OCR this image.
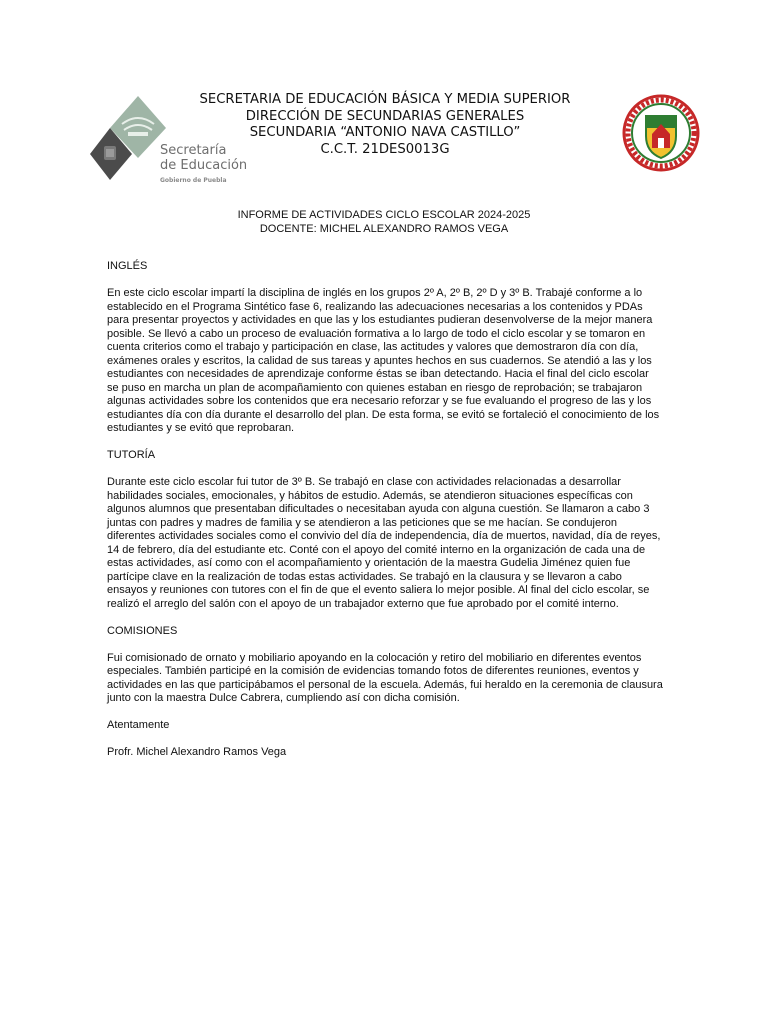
Secretaría
de Educación
Gobierno de Puebla
SECRETARIA DE EDUCACIÓN BÁSICA Y MEDIA SUPERIOR
DIRECCIÓN DE SECUNDARIAS GENERALES
SECUNDARIA “ANTONIO NAVA CASTILLO”
C.C.T. 21DES0013G
INFORME DE ACTIVIDADES CICLO ESCOLAR 2024-2025
DOCENTE: MICHEL ALEXANDRO RAMOS VEGA

INGLÉS

En este ciclo escolar impartí la disciplina de inglés en los grupos 2º A, 2º B, 2º D y 3º B. Trabajé conforme a lo establecido en el Programa Sintético fase 6, realizando las adecuaciones necesarias a los contenidos y PDAs para presentar proyectos y actividades en que las y los estudiantes pudieran desenvolverse de la mejor manera posible. Se llevó a cabo un proceso de evaluación formativa a lo largo de todo el ciclo escolar y se tomaron en cuenta criterios como el trabajo y participación en clase, las actitudes y valores que demostraron día con día, exámenes orales y escritos, la calidad de sus tareas y apuntes hechos en sus cuadernos. Se atendió a las y los estudiantes con necesidades de aprendizaje conforme éstas se iban detectando. Hacia el final del ciclo escolar se puso en marcha un plan de acompañamiento con quienes estaban en riesgo de reprobación; se trabajaron algunas actividades sobre los contenidos que era necesario reforzar y se fue evaluando el progreso de las y los estudiantes día con día durante el desarrollo del plan. De esta forma, se evitó se fortaleció el conocimiento de los estudiantes y se evitó que reprobaran.

TUTORÍA

Durante este ciclo escolar fui tutor de 3º B. Se trabajó en clase con actividades relacionadas a desarrollar habilidades sociales, emocionales, y hábitos de estudio. Además, se atendieron situaciones específicas con algunos alumnos que presentaban dificultades o necesitaban ayuda con alguna cuestión. Se llamaron a cabo 3 juntas con padres y madres de familia y se atendieron a las peticiones que se me hacían. Se condujeron diferentes actividades sociales como el convivio del día de independencia, día de muertos, navidad, día de reyes, 14 de febrero, día del estudiante etc. Conté con el apoyo del comité interno en la organización de cada una de estas actividades, así como con el acompañamiento y orientación de la maestra Gudelia Jiménez quien fue partícipe clave en la realización de todas estas actividades. Se trabajó en la clausura y se llevaron a cabo ensayos y reuniones con tutores con el fin de que el evento saliera lo mejor posible. Al final del ciclo escolar, se realizó el arreglo del salón con el apoyo de un trabajador externo que fue aprobado por el comité interno.

COMISIONES

Fui comisionado de ornato y mobiliario apoyando en la colocación y retiro del mobiliario en diferentes eventos especiales. También participé en la comisión de evidencias tomando fotos de diferentes reuniones, eventos y actividades en las que participábamos el personal de la escuela. Además, fui heraldo en la ceremonia de clausura junto con la maestra Dulce Cabrera, cumpliendo así con dicha comisión.

Atentamente

Profr. Michel Alexandro Ramos Vega
